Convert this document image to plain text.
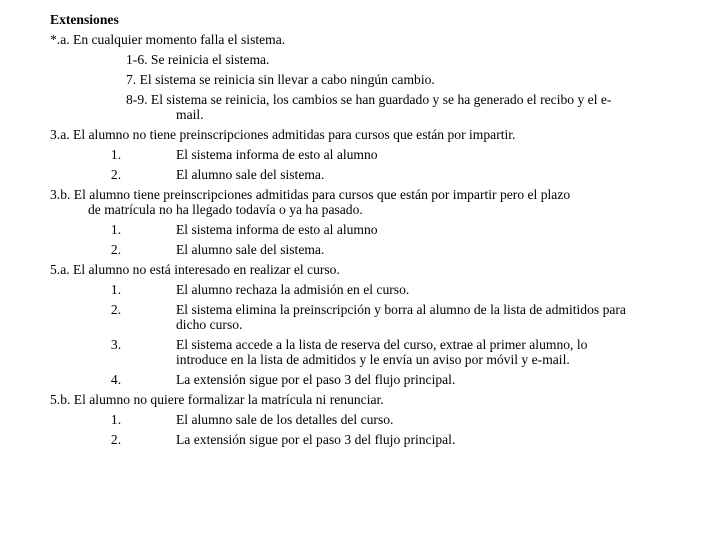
Extensiones
*.a. En cualquier momento falla el sistema.
1-6. Se reinicia el sistema.
7. El sistema se reinicia sin llevar a cabo ningún cambio.
8-9. El sistema se reinicia, los cambios se han guardado y se ha generado el recibo y el e-
mail.
3.a. El alumno no tiene preinscripciones admitidas para cursos que están por impartir.
1.	El sistema informa de esto al alumno
2.	El alumno sale del sistema.
3.b. El alumno tiene preinscripciones admitidas para cursos que están por impartir pero el plazo
de matrícula no ha llegado todavía o ya ha pasado.
1.	El sistema informa de esto al alumno
2.	El alumno sale del sistema.
5.a. El alumno no está interesado en realizar el curso.
1.	El alumno rechaza la admisión en el curso.
2.	El sistema elimina la preinscripción y borra al alumno de la lista de admitidos para
dicho curso.
3.	El sistema accede a la lista de reserva del curso, extrae al primer alumno, lo
introduce en la lista de admitidos y le envía un aviso por móvil y e-mail.
4.	La extensión sigue por el paso 3 del flujo principal.
5.b. El alumno no quiere formalizar la matrícula ni renunciar.
1.	El alumno sale de los detalles del curso.
2.	La extensión sigue por el paso 3 del flujo principal.
